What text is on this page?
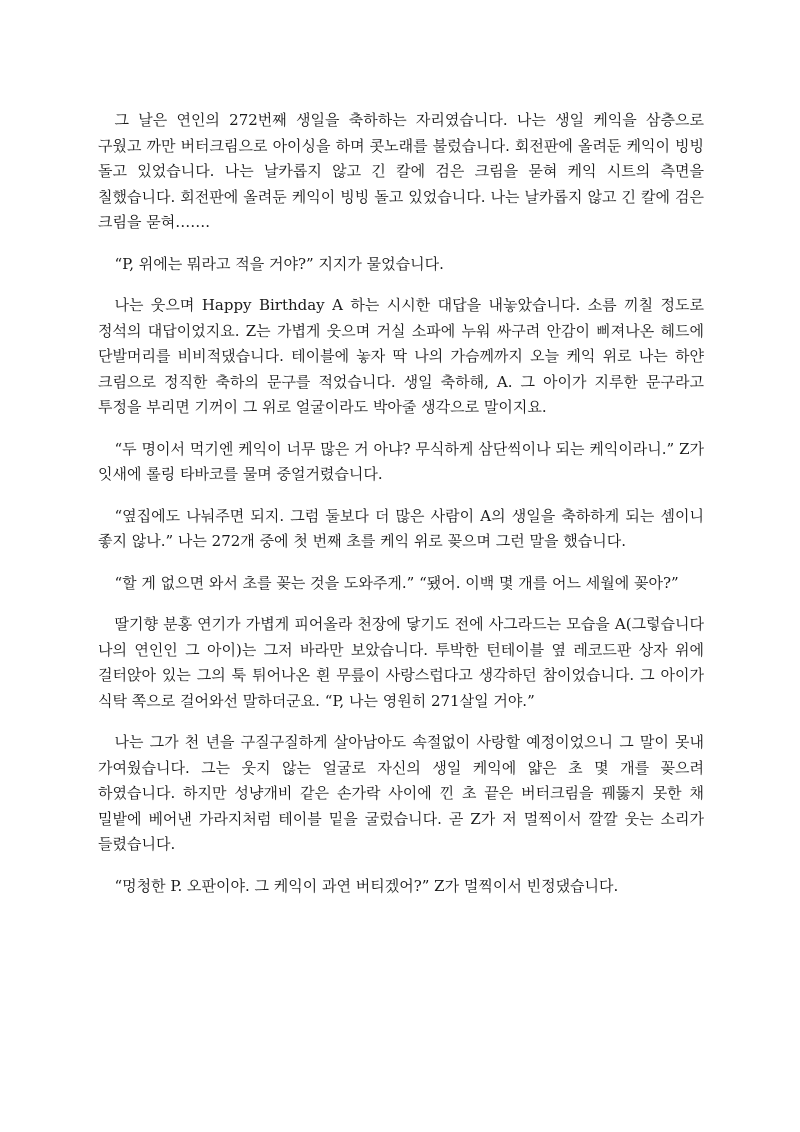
그 날은 연인의 272번째 생일을 축하하는 자리였습니다. 나는 생일 케익을 삼층으로 구웠고 까만 버터크림으로 아이싱을 하며 콧노래를 불렀습니다. 회전판에 올려둔 케익이 빙빙 돌고 있었습니다. 나는 날카롭지 않고 긴 칼에 검은 크림을 묻혀 케익 시트의 측면을 칠했습니다. 회전판에 올려둔 케익이 빙빙 돌고 있었습니다. 나는 날카롭지 않고 긴 칼에 검은 크림을 묻혀…….

“P, 위에는 뭐라고 적을 거야?” 지지가 물었습니다.

나는 웃으며 Happy Birthday A 하는 시시한 대답을 내놓았습니다. 소름 끼칠 정도로 정석의 대답이었지요. Z는 가볍게 웃으며 거실 소파에 누워 싸구려 안감이 삐져나온 헤드에 단발머리를 비비적댔습니다. 테이블에 놓자 딱 나의 가슴께까지 오늘 케익 위로 나는 하얀 크림으로 정직한 축하의 문구를 적었습니다. 생일 축하해, A. 그 아이가 지루한 문구라고 투정을 부리면 기꺼이 그 위로 얼굴이라도 박아줄 생각으로 말이지요.

“두 명이서 먹기엔 케익이 너무 많은 거 아냐? 무식하게 삼단씩이나 되는 케익이라니.” Z가 잇새에 롤링 타바코를 물며 중얼거렸습니다.

“옆집에도 나눠주면 되지. 그럼 둘보다 더 많은 사람이 A의 생일을 축하하게 되는 셈이니 좋지 않나.” 나는 272개 중에 첫 번째 초를 케익 위로 꽂으며 그런 말을 했습니다.

“할 게 없으면 와서 초를 꽂는 것을 도와주게.” “됐어. 이백 몇 개를 어느 세월에 꽂아?”

딸기향 분홍 연기가 가볍게 피어올라 천장에 닿기도 전에 사그라드는 모습을 A(그렇습니다 나의 연인인 그 아이)는 그저 바라만 보았습니다. 투박한 턴테이블 옆 레코드판 상자 위에 걸터앉아 있는 그의 툭 튀어나온 흰 무릎이 사랑스럽다고 생각하던 참이었습니다. 그 아이가 식탁 쪽으로 걸어와선 말하더군요. “P, 나는 영원히 271살일 거야.”

나는 그가 천 년을 구질구질하게 살아남아도 속절없이 사랑할 예정이었으니 그 말이 못내 가여웠습니다. 그는 웃지 않는 얼굴로 자신의 생일 케익에 얇은 초 몇 개를 꽂으려 하였습니다. 하지만 성냥개비 같은 손가락 사이에 낀 초 끝은 버터크림을 꿰뚫지 못한 채 밀밭에 베어낸 가라지처럼 테이블 밑을 굴렀습니다. 곧 Z가 저 멀찍이서 깔깔 웃는 소리가 들렸습니다.

“멍청한 P. 오판이야. 그 케익이 과연 버티겠어?” Z가 멀찍이서 빈정댔습니다.
